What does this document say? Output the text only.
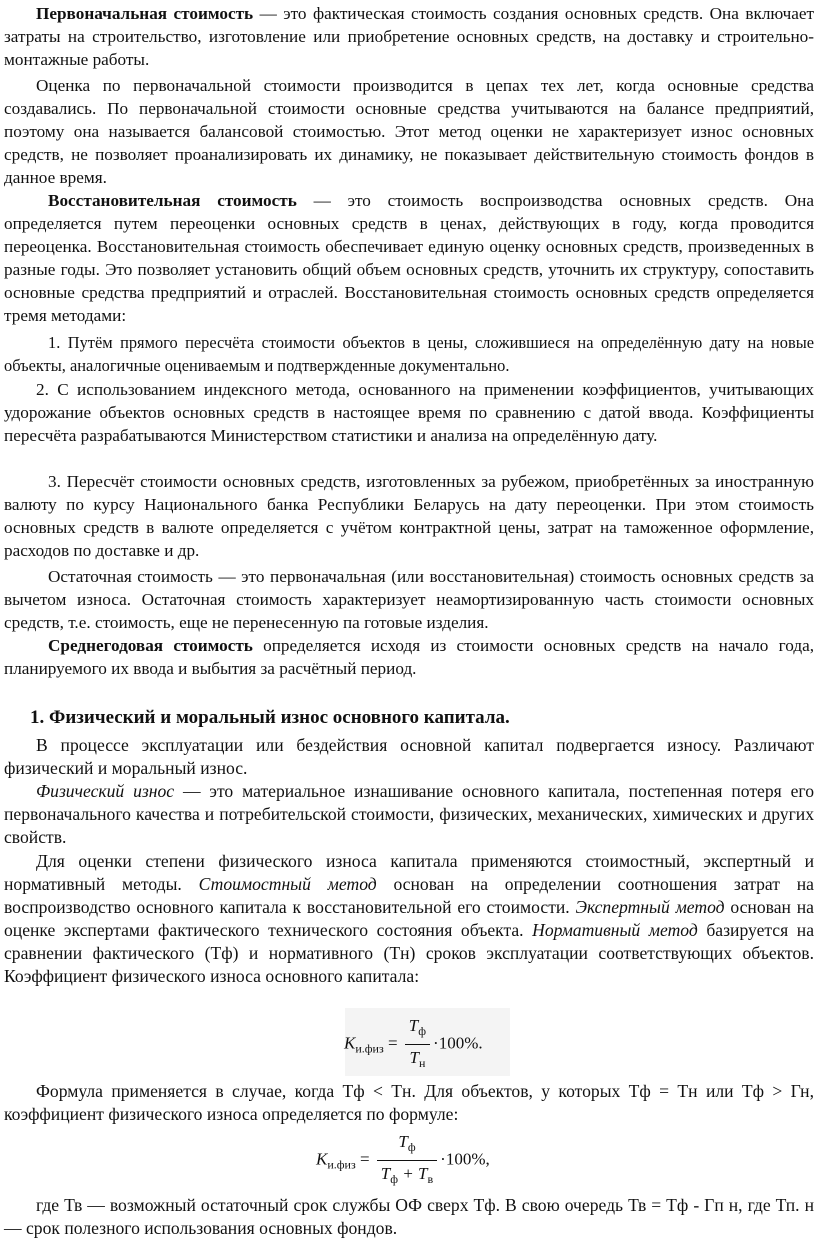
Первоначальная стоимость — это фактическая стоимость создания основных средств. Она включает затраты на строительство, изготовление или приобретение основных средств, на доставку и строительно-монтажные работы.

Оценка по первоначальной стоимости производится в цепах тех лет, когда основные средства создавались. По первоначальной стоимости основные средства учитываются на балансе предприятий, поэтому она называется балансовой стоимостью. Этот метод оценки не характеризует износ основных средств, не позволяет проанализировать их динамику, не показывает действительную стоимость фондов в данное время.

Восстановительная стоимость — это стоимость воспроизводства основных средств. Она определяется путем переоценки основных средств в ценах, действующих в году, когда проводится переоценка. Восстановительная стоимость обеспечивает единую оценку основных средств, произведенных в разные годы. Это позволяет установить общий объем основных средств, уточнить их структуру, сопоставить основные средства предприятий и отраслей. Восстановительная стоимость основных средств определяется тремя методами:

1. Путём прямого пересчёта стоимости объектов в цены, сложившиеся на определённую дату на новые объекты, аналогичные оцениваемым и подтвержденные документально.

2. С использованием индексного метода, основанного на применении коэффициентов, учитывающих удорожание объектов основных средств в настоящее время по сравнению с датой ввода. Коэффициенты пересчёта разрабатываются Министерством статистики и анализа на определённую дату.

3. Пересчёт стоимости основных средств, изготовленных за рубежом, приобретённых за иностранную валюту по курсу Национального банка Республики Беларусь на дату переоценки. При этом стоимость основных средств в валюте определяется с учётом контрактной цены, затрат на таможенное оформление, расходов по доставке и др.

Остаточная стоимость — это первоначальная (или восстановительная) стоимость основных средств за вычетом износа. Остаточная стоимость характеризует неамортизированную часть стоимости основных средств, т.е. стоимость, еще не перенесенную па готовые изделия.

Среднегодовая стоимость определяется исходя из стоимости основных средств на начало года, планируемого их ввода и выбытия за расчётный период.

1. Физический и моральный износ основного капитала.

В процессе эксплуатации или бездействия основной капитал подвергается износу. Различают физический и моральный износ.

Физический износ — это материальное изнашивание основного капитала, постепенная потеря его первоначального качества и потребительской стоимости, физических, механических, химических и других свойств.

Для оценки степени физического износа капитала применяются стоимостный, экспертный и нормативный методы. Стоимостный метод основан на определении соотношения затрат на воспроизводство основного капитала к восстановительной его стоимости. Экспертный метод основан на оценке экспертами фактического технического состояния объекта. Нормативный метод базируется на сравнении фактического (Тф) и нормативного (Тн) сроков эксплуатации соответствующих объектов. Коэффициент физического износа основного капитала:

$K_{и.физ} = \frac{T_ф}{T_н} \cdot 100\%$.

Формула применяется в случае, когда Тф < Тн. Для объектов, у которых Тф = Тн или Тф > Гн, коэффициент физического износа определяется по формуле:

$K_{и.физ} = \frac{T_ф}{T_ф + T_в} \cdot 100\%$,

где Тв — возможный остаточный срок службы ОФ сверх Тф. В свою очередь Тв = Тф - Гп н, где Тп. н — срок полезного использования основных фондов.
